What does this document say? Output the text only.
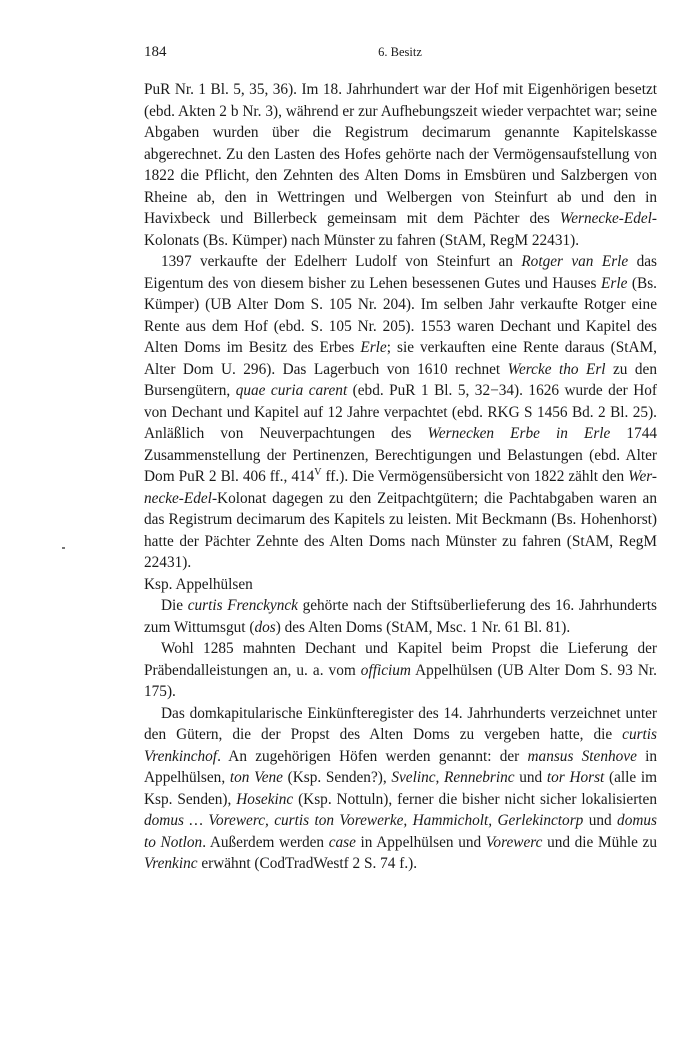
184	6. Besitz

PuR Nr. 1 Bl. 5, 35, 36). Im 18. Jahrhundert war der Hof mit Eigenhörigen besetzt (ebd. Akten 2 b Nr. 3), während er zur Aufhebungszeit wieder verpachtet war; seine Abgaben wurden über die Registrum decimarum genannte Kapitelskasse abgerechnet. Zu den Lasten des Hofes gehörte nach der Vermögensaufstellung von 1822 die Pflicht, den Zehnten des Alten Doms in Emsbüren und Salzbergen von Rheine ab, den in Wettringen und Welbergen von Steinfurt ab und den in Havixbeck und Billerbeck gemeinsam mit dem Pächter des Wernecke-Edel-Kolonats (Bs. Kümper) nach Münster zu fahren (StAM, RegM 22431).

1397 verkaufte der Edelherr Ludolf von Steinfurt an Rotger van Erle das Eigentum des von diesem bisher zu Lehen besessenen Gutes und Hauses Erle (Bs. Kümper) (UB Alter Dom S. 105 Nr. 204). Im selben Jahr verkaufte Rotger eine Rente aus dem Hof (ebd. S. 105 Nr. 205). 1553 waren Dechant und Kapitel des Alten Doms im Besitz des Erbes Erle; sie verkauften eine Rente daraus (StAM, Alter Dom U. 296). Das Lagerbuch von 1610 rechnet Wercke tho Erl zu den Bursengütern, quae curia carent (ebd. PuR 1 Bl. 5, 32−34). 1626 wurde der Hof von Dechant und Kapitel auf 12 Jahre verpachtet (ebd. RKG S 1456 Bd. 2 Bl. 25). Anläßlich von Neuverpachtungen des Wernecken Erbe in Erle 1744 Zusammenstellung der Pertinenzen, Berechtigungen und Belastungen (ebd. Alter Dom PuR 2 Bl. 406 ff., $414^V$ ff.). Die Vermögensübersicht von 1822 zählt den Wer-necke-Edel-Kolonat dagegen zu den Zeitpachtgütern; die Pachtabgaben waren an das Registrum decimarum des Kapitels zu leisten. Mit Beckmann (Bs. Hohenhorst) hatte der Pächter Zehnte des Alten Doms nach Münster zu fahren (StAM, RegM 22431).

Ksp. Appelhülsen

Die curtis Frenckynck gehörte nach der Stiftsüberlieferung des 16. Jahrhunderts zum Wittumsgut (dos) des Alten Doms (StAM, Msc. 1 Nr. 61 Bl. 81).

Wohl 1285 mahnten Dechant und Kapitel beim Propst die Lieferung der Präbendalleistungen an, u. a. vom officium Appelhülsen (UB Alter Dom S. 93 Nr. 175).

Das domkapitularische Einkünfteregister des 14. Jahrhunderts verzeichnet unter den Gütern, die der Propst des Alten Doms zu vergeben hatte, die curtis Vrenkinchof. An zugehörigen Höfen werden genannt: der mansus Stenhove in Appelhülsen, ton Vene (Ksp. Senden?), Svelinc, Rennebrinc und tor Horst (alle im Ksp. Senden), Hosekinc (Ksp. Nottuln), ferner die bisher nicht sicher lokalisierten domus … Vorewerc, curtis ton Vorewerke, Hammicholt, Gerlekinctorp und domus to Notlon. Außerdem werden case in Appelhülsen und Vorewerc und die Mühle zu Vrenkinc erwähnt (CodTradWestf 2 S. 74 f.).
